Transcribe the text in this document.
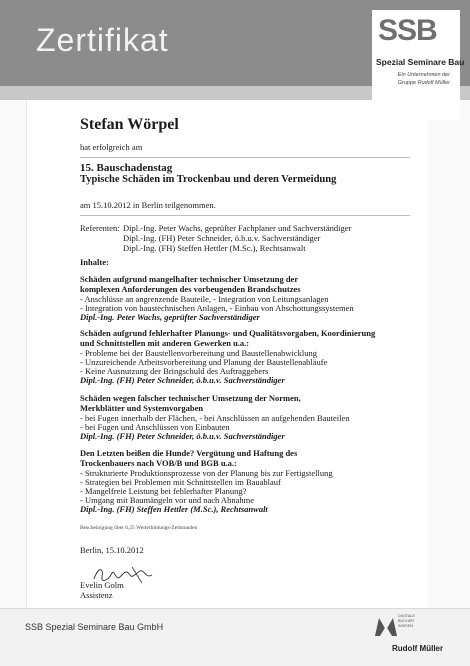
Zertifikat	SSB
Spezial Seminare Bau
Ein Unternehmen der
Gruppe Rudolf Müller
Stefan Wörpel
hat erfolgreich am
15. Bauschadenstag
Typische Schäden im Trockenbau und deren Vermeidung
am 15.10.2012 in Berlin teilgenommen.
Referenten: Dipl.-Ing. Peter Wachs, geprüfter Fachplaner und Sachverständiger
Dipl.-Ing. (FH) Peter Schneider, ö.b.u.v. Sachverständiger
Dipl.-Ing. (FH) Steffen Hettler (M.Sc.), Rechtsanwalt
Inhalte:
Schäden aufgrund mangelhafter technischer Umsetzung der
komplexen Anforderungen des vorbeugenden Brandschutzes
- Anschlüsse an angrenzende Bauteile, - Integration von Leitungsanlagen
- Integration von haustechnischen Anlagen, - Einbau von Abschottungssystemen
Dipl.-Ing. Peter Wachs, geprüfter Sachverständiger
Schäden aufgrund fehlerhafter Planungs- und Qualitätsvorgaben, Koordinierung
und Schnittstellen mit anderen Gewerken u.a.:
- Probleme bei der Baustellenvorbereitung und Baustellenabwicklung
- Unzureichende Arbeitsvorbereitung und Planung der Baustellenabläufe
- Keine Ausnutzung der Bringschuld des Auftraggebers
Dipl.-Ing. (FH) Peter Schneider, ö.b.u.v. Sachverständiger
Schäden wegen falscher technischer Umsetzung der Normen,
Merkblätter und Systemvorgaben
- bei Fugen innerhalb der Flächen, - bei Anschlüssen an aufgehenden Bauteilen
- bei Fugen und Anschlüssen von Einbauten
Dipl.-Ing. (FH) Peter Schneider, ö.b.u.v. Sachverständiger
Den Letzten beißen die Hunde? Vergütung und Haftung des
Trockenbauers nach VOB/B und BGB u.a.:
- Strukturierte Produktionsprozesse von der Planung bis zur Fertigstellung
- Strategien bei Problemen mit Schnittstellen im Bauablauf
- Mangelfreie Leistung bei fehlerhafter Planung?
- Umgang mit Baumängeln vor und nach Abnahme
Dipl.-Ing. (FH) Steffen Hettler (M.Sc.), Rechtsanwalt
Bescheinigung über 6,25 Weiterbildungs-Zeitstunden
Berlin, 15.10.2012
Evelin Golm
Assistenz
SSB Spezial Seminare Bau GmbH
DIGITALE
BÜCHER
WISSEN
Rudolf Müller
